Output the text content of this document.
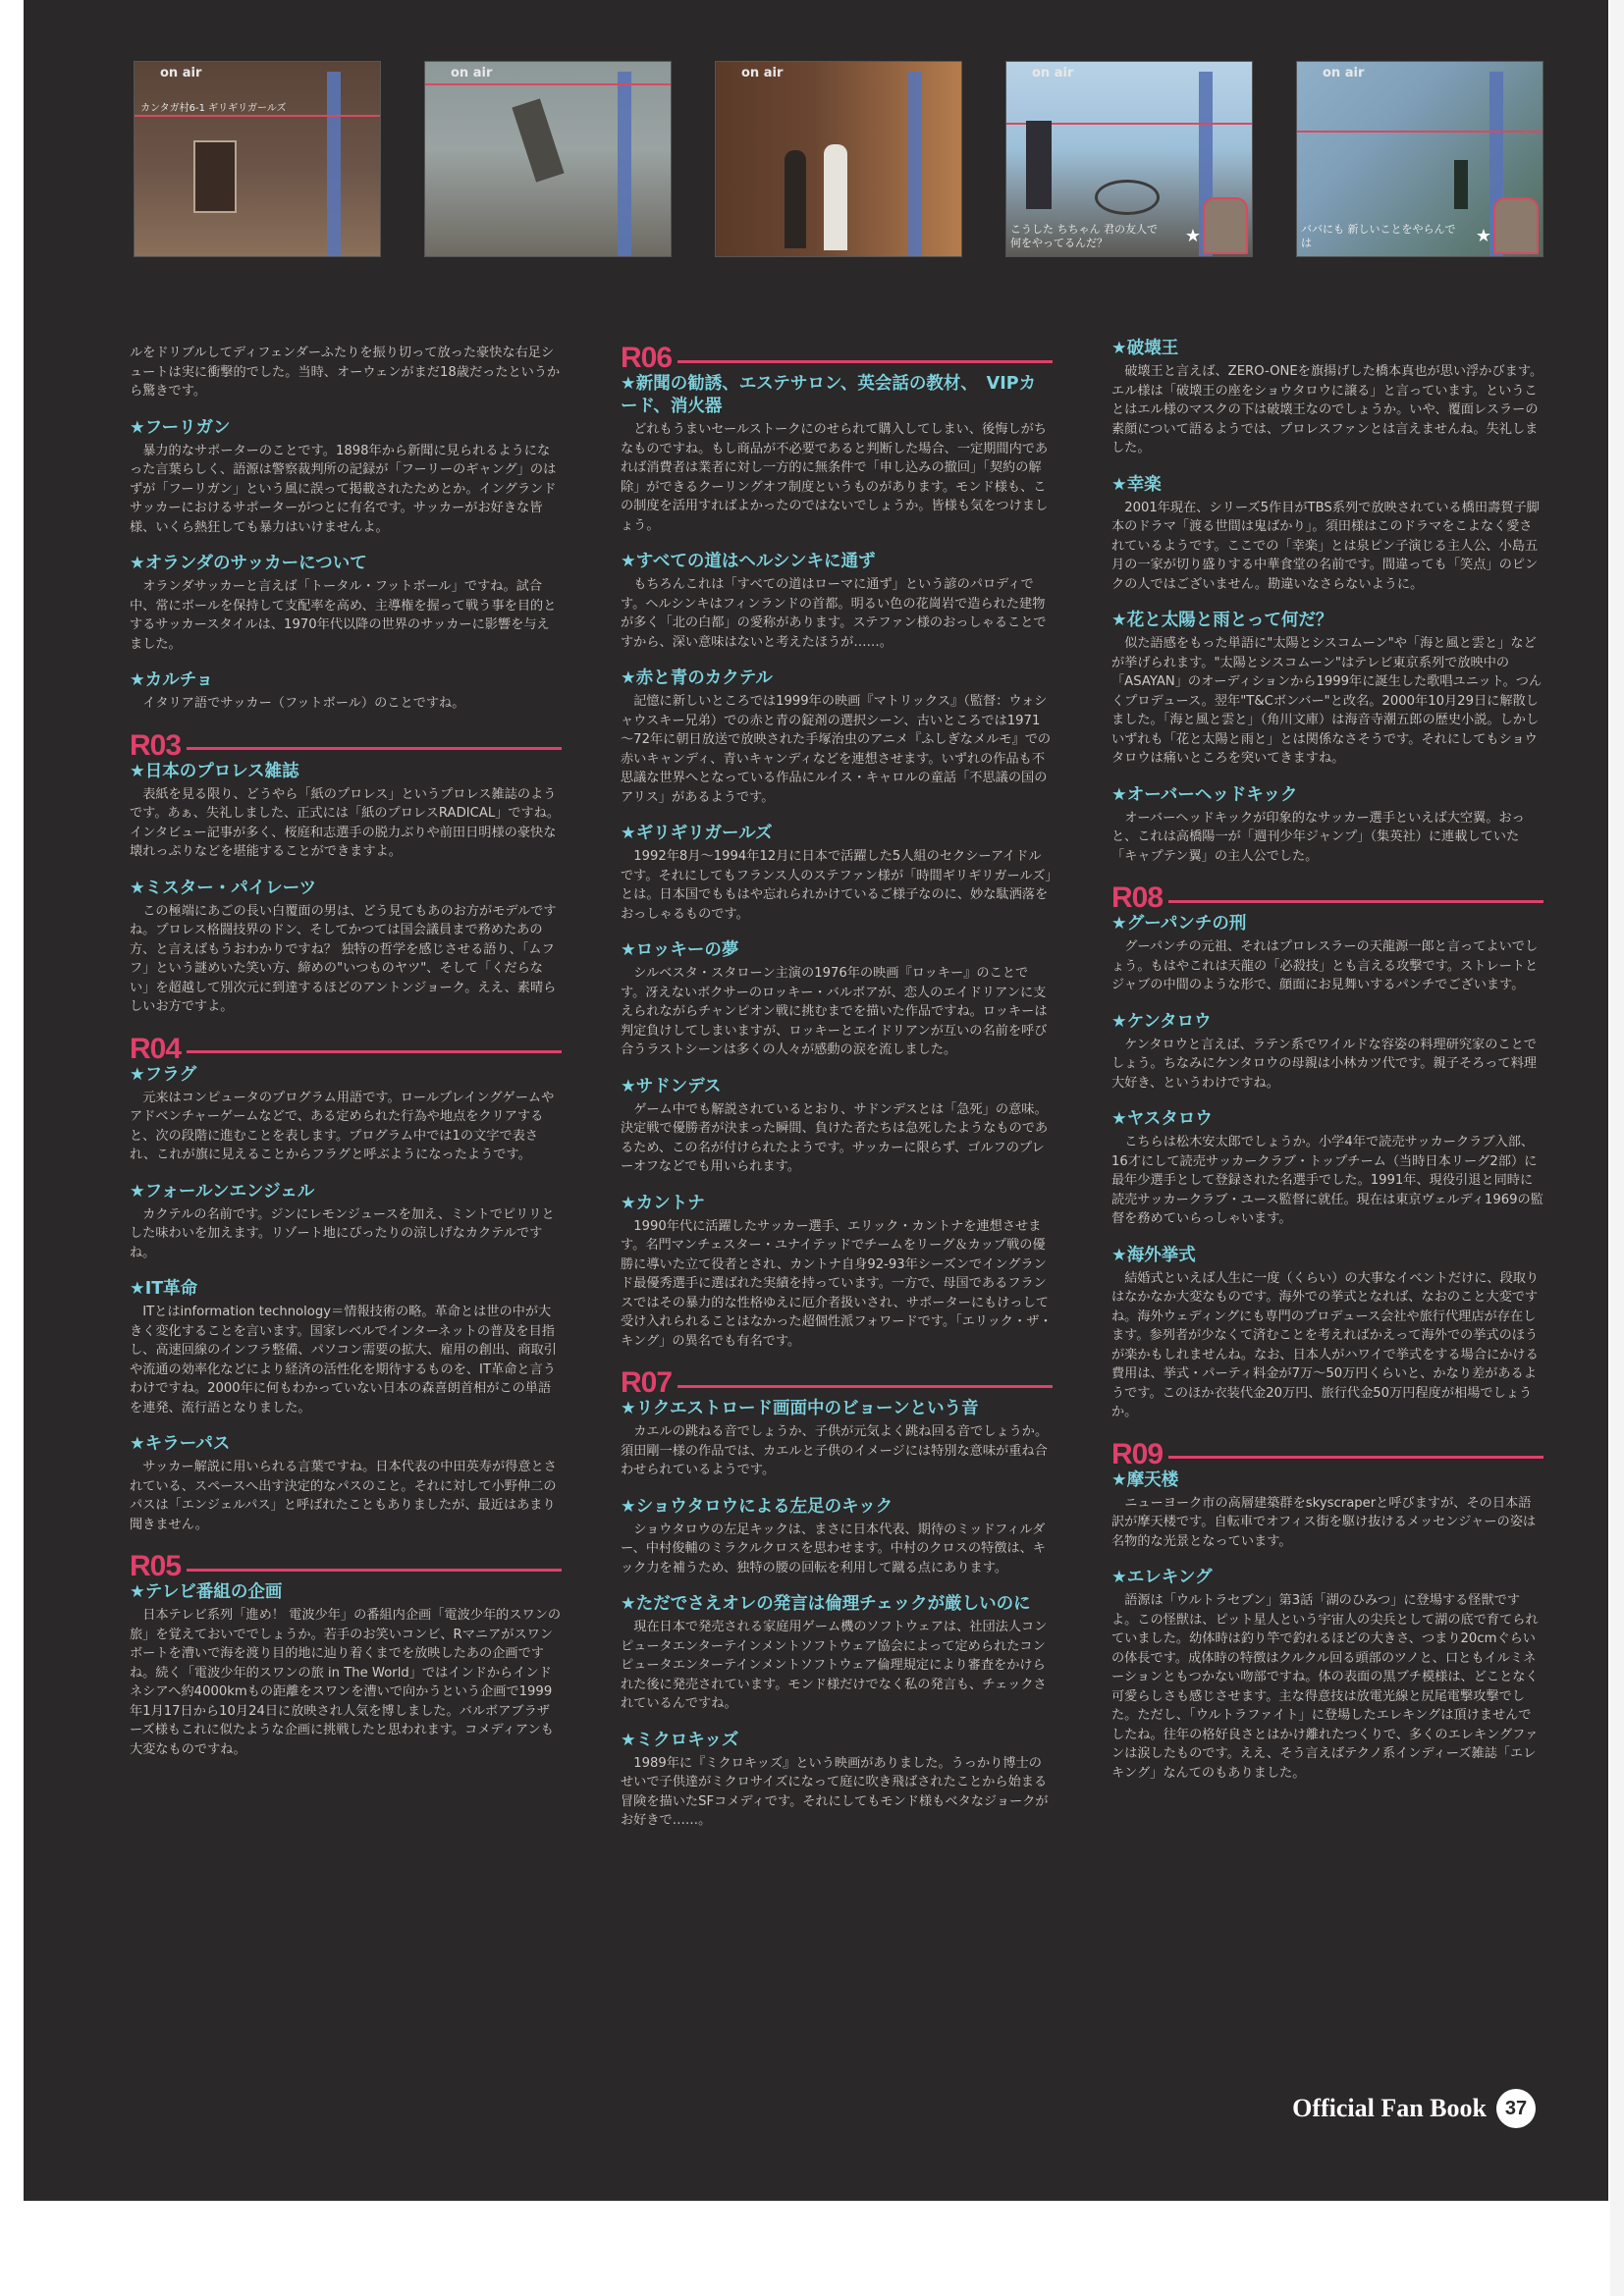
on air
カンタガ村6-1 ギリギリガールズ
on air	on air	on air
こうした ちちゃん 君の友人で何をやってるんだ？	★
on air
ババにも 新しいことをやらんでは	★

ルをドリブルしてディフェンダーふたりを振り切って放った豪快な右足シュートは実に衝撃的でした。当時、オーウェンがまだ18歳だったというから驚きです。

★フーリガン

暴力的なサポーターのことです。1898年から新聞に見られるようになった言葉らしく、語源は警察裁判所の記録が「フーリーのギャング」のはずが「フーリガン」という風に誤って掲載されたためとか。イングランドサッカーにおけるサポーターがつとに有名です。サッカーがお好きな皆様、いくら熱狂しても暴力はいけませんよ。

★オランダのサッカーについて

オランダサッカーと言えば「トータル・フットボール」ですね。試合中、常にボールを保持して支配率を高め、主導権を握って戦う事を目的とするサッカースタイルは、1970年代以降の世界のサッカーに影響を与えました。

★カルチョ

イタリア語でサッカー（フットボール）のことですね。

R03
★日本のプロレス雑誌

表紙を見る限り、どうやら「紙のプロレス」というプロレス雑誌のようです。あぁ、失礼しました、正式には「紙のプロレスRADICAL」ですね。インタビュー記事が多く、桜庭和志選手の脱力ぶりや前田日明様の豪快な壊れっぷりなどを堪能することができますよ。

★ミスター・パイレーツ

この極端にあごの長い白覆面の男は、どう見てもあのお方がモデルですね。プロレス格闘技界のドン、そしてかつては国会議員まで務めたあの方、と言えばもうおわかりですね？ 独特の哲学を感じさせる語り、「ムフフ」という謎めいた笑い方、締めの"いつものヤツ"、そして「くだらない」を超越して別次元に到達するほどのアントンジョーク。ええ、素晴らしいお方ですよ。

R04
★フラグ

元来はコンピュータのプログラム用語です。ロールプレイングゲームやアドベンチャーゲームなどで、ある定められた行為や地点をクリアすると、次の段階に進むことを表します。プログラム中では1の文字で表され、これが旗に見えることからフラグと呼ぶようになったようです。

★フォールンエンジェル

カクテルの名前です。ジンにレモンジュースを加え、ミントでピリリとした味わいを加えます。リゾート地にぴったりの涼しげなカクテルですね。

★IT革命

ITとはinformation technology＝情報技術の略。革命とは世の中が大きく変化することを言います。国家レベルでインターネットの普及を目指し、高速回線のインフラ整備、パソコン需要の拡大、雇用の創出、商取引や流通の効率化などにより経済の活性化を期待するものを、IT革命と言うわけですね。2000年に何もわかっていない日本の森喜朗首相がこの単語を連発、流行語となりました。

★キラーパス

サッカー解説に用いられる言葉ですね。日本代表の中田英寿が得意とされている、スペースへ出す決定的なパスのこと。それに対して小野伸二のパスは「エンジェルパス」と呼ばれたこともありましたが、最近はあまり聞きません。

R05
★テレビ番組の企画

日本テレビ系列「進め！ 電波少年」の番組内企画「電波少年的スワンの旅」を覚えておいででしょうか。若手のお笑いコンビ、Rマニアがスワンボートを漕いで海を渡り目的地に辿り着くまでを放映したあの企画ですね。続く「電波少年的スワンの旅 in The World」ではインドからインドネシアへ約4000kmもの距離をスワンを漕いで向かうという企画で1999年1月17日から10月24日に放映され人気を博しました。バルボアブラザーズ様もこれに似たような企画に挑戦したと思われます。コメディアンも大変なものですね。

R06
★新聞の勧誘、エステサロン、英会話の教材、　VIPカード、消火器

どれもうまいセールストークにのせられて購入してしまい、後悔しがちなものですね。もし商品が不必要であると判断した場合、一定期間内であれば消費者は業者に対し一方的に無条件で「申し込みの撤回」「契約の解除」ができるクーリングオフ制度というものがあります。モンド様も、この制度を活用すればよかったのではないでしょうか。皆様も気をつけましょう。

★すべての道はヘルシンキに通ず

もちろんこれは「すべての道はローマに通ず」という諺のパロディです。ヘルシンキはフィンランドの首都。明るい色の花崗岩で造られた建物が多く「北の白都」の愛称があります。ステファン様のおっしゃることですから、深い意味はないと考えたほうが……。

★赤と青のカクテル

記憶に新しいところでは1999年の映画『マトリックス』（監督：ウォシャウスキー兄弟）での赤と青の錠剤の選択シーン、古いところでは1971～72年に朝日放送で放映された手塚治虫のアニメ『ふしぎなメルモ』での赤いキャンディ、青いキャンディなどを連想させます。いずれの作品も不思議な世界へとなっている作品にルイス・キャロルの童話「不思議の国のアリス」があるようです。

★ギリギリガールズ

1992年8月～1994年12月に日本で活躍した5人組のセクシーアイドルです。それにしてもフランス人のステファン様が「時間ギリギリガールズ」とは。日本国でももはや忘れられかけているご様子なのに、妙な駄洒落をおっしゃるものです。

★ロッキーの夢

シルベスタ・スタローン主演の1976年の映画『ロッキー』のことです。冴えないボクサーのロッキー・バルボアが、恋人のエイドリアンに支えられながらチャンピオン戦に挑むまでを描いた作品ですね。ロッキーは判定負けしてしまいますが、ロッキーとエイドリアンが互いの名前を呼び合うラストシーンは多くの人々が感動の涙を流しました。

★サドンデス

ゲーム中でも解説されているとおり、サドンデスとは「急死」の意味。決定戦で優勝者が決まった瞬間、負けた者たちは急死したようなものであるため、この名が付けられたようです。サッカーに限らず、ゴルフのプレーオフなどでも用いられます。

★カントナ

1990年代に活躍したサッカー選手、エリック・カントナを連想させます。名門マンチェスター・ユナイテッドでチームをリーグ＆カップ戦の優勝に導いた立て役者とされ、カントナ自身92-93年シーズンでイングランド最優秀選手に選ばれた実績を持っています。一方で、母国であるフランスではその暴力的な性格ゆえに厄介者扱いされ、サポーターにもけっして受け入れられることはなかった超個性派フォワードです。「エリック・ザ・キング」の異名でも有名です。

R07
★リクエストロード画面中のビョーンという音

カエルの跳ねる音でしょうか、子供が元気よく跳ね回る音でしょうか。須田剛一様の作品では、カエルと子供のイメージには特別な意味が重ね合わせられているようです。

★ショウタロウによる左足のキック

ショウタロウの左足キックは、まさに日本代表、期待のミッドフィルダー、中村俊輔のミラクルクロスを思わせます。中村のクロスの特徴は、キック力を補うため、独特の腰の回転を利用して蹴る点にあります。

★ただでさえオレの発言は倫理チェックが厳しいのに

現在日本で発売される家庭用ゲーム機のソフトウェアは、社団法人コンピュータエンターテインメントソフトウェア協会によって定められたコンピュータエンターテインメントソフトウェア倫理規定により審査をかけられた後に発売されています。モンド様だけでなく私の発言も、チェックされているんですね。

★ミクロキッズ

1989年に『ミクロキッズ』という映画がありました。うっかり博士のせいで子供達がミクロサイズになって庭に吹き飛ばされたことから始まる冒険を描いたSFコメディです。それにしてもモンド様もベタなジョークがお好きで……。

★破壊王

破壊王と言えば、ZERO-ONEを旗揚げした橋本真也が思い浮かびます。エル様は「破壊王の座をショウタロウに譲る」と言っています。ということはエル様のマスクの下は破壊王なのでしょうか。いや、覆面レスラーの素顔について語るようでは、プロレスファンとは言えませんね。失礼しました。

★幸楽

2001年現在、シリーズ5作目がTBS系列で放映されている橋田壽賀子脚本のドラマ「渡る世間は鬼ばかり」。須田様はこのドラマをこよなく愛されているようです。ここでの「幸楽」とは泉ピン子演じる主人公、小島五月の一家が切り盛りする中華食堂の名前です。間違っても「笑点」のピンクの人ではございません。勘違いなさらないように。

★花と太陽と雨とって何だ？

似た語感をもった単語に"太陽とシスコムーン"や「海と風と雲と」などが挙げられます。"太陽とシスコムーン"はテレビ東京系列で放映中の「ASAYAN」のオーディションから1999年に誕生した歌唱ユニット。つんくプロデュース。翌年"T&Cボンバー"と改名。2000年10月29日に解散しました。「海と風と雲と」（角川文庫）は海音寺潮五郎の歴史小説。しかしいずれも「花と太陽と雨と」とは関係なさそうです。それにしてもショウタロウは痛いところを突いてきますね。

★オーバーヘッドキック

オーバーヘッドキックが印象的なサッカー選手といえば大空翼。おっと、これは高橋陽一が「週刊少年ジャンプ」（集英社）に連載していた「キャプテン翼」の主人公でした。

R08
★グーパンチの刑

グーパンチの元祖、それはプロレスラーの天龍源一郎と言ってよいでしょう。もはやこれは天龍の「必殺技」とも言える攻撃です。ストレートとジャブの中間のような形で、顔面にお見舞いするパンチでございます。

★ケンタロウ

ケンタロウと言えば、ラテン系でワイルドな容姿の料理研究家のことでしょう。ちなみにケンタロウの母親は小林カツ代です。親子そろって料理大好き、というわけですね。

★ヤスタロウ

こちらは松木安太郎でしょうか。小学4年で読売サッカークラブ入部、16才にして読売サッカークラブ・トップチーム（当時日本リーグ2部）に最年少選手として登録された名選手でした。1991年、現役引退と同時に読売サッカークラブ・ユース監督に就任。現在は東京ヴェルディ1969の監督を務めていらっしゃいます。

★海外挙式

結婚式といえば人生に一度（くらい）の大事なイベントだけに、段取りはなかなか大変なものです。海外での挙式となれば、なおのこと大変ですね。海外ウェディングにも専門のプロデュース会社や旅行代理店が存在します。参列者が少なくて済むことを考えればかえって海外での挙式のほうが楽かもしれませんね。なお、日本人がハワイで挙式をする場合にかける費用は、挙式・パーティ料金が7万～50万円くらいと、かなり差があるようです。このほか衣装代金20万円、旅行代金50万円程度が相場でしょうか。

R09
★摩天楼

ニューヨーク市の高層建築群をskyscraperと呼びますが、その日本語訳が摩天楼です。自転車でオフィス街を駆け抜けるメッセンジャーの姿は名物的な光景となっています。

★エレキング

語源は「ウルトラセブン」第3話「湖のひみつ」に登場する怪獣ですよ。この怪獣は、ピット星人という宇宙人の尖兵として湖の底で育てられていました。幼体時は釣り竿で釣れるほどの大きさ、つまり20cmぐらいの体長です。成体時の特徴はクルクル回る頭部のツノと、口ともイルミネーションともつかない吻部ですね。体の表面の黒ブチ模様は、どことなく可愛らしさも感じさせます。主な得意技は放電光線と尻尾電撃攻撃でした。ただし、「ウルトラファイト」に登場したエレキングは頂けませんでしたね。往年の格好良さとはかけ離れたつくりで、多くのエレキングファンは涙したものです。ええ、そう言えばテクノ系インディーズ雑誌「エレキング」なんてのもありました。

Official Fan Book 37
